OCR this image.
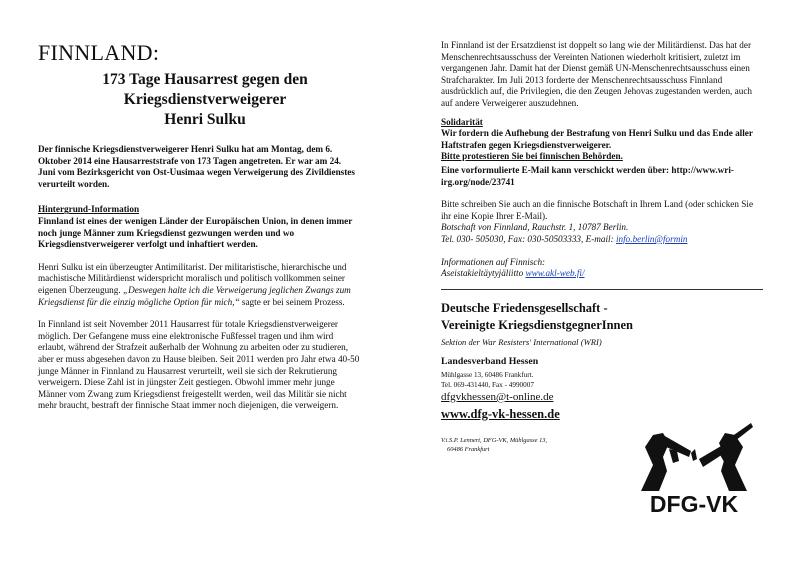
FINNLAND:
173 Tage Hausarrest gegen den
Kriegsdienstverweigerer
Henri Sulku

Der finnische Kriegsdienstverweigerer Henri Sulku hat am Montag, dem 6. Oktober 2014 eine Hausarreststrafe von 173 Tagen angetreten. Er war am 24. Juni vom Bezirksgericht von Ost-Uusimaa wegen Verweigerung des Zivildienstes verurteilt worden.

Hintergrund-Information

Finnland ist eines der wenigen Länder der Europäischen Union, in denen immer noch junge Männer zum Kriegsdienst gezwungen werden und wo Kriegsdienstverweigerer verfolgt und inhaftiert werden.

Henri Sulku ist ein überzeugter Antimilitarist. Der militaristische, hierarchische und machistische Militärdienst widerspricht moralisch und politisch vollkommen seiner eigenen Überzeugung. „Deswegen halte ich die Verweigerung jeglichen Zwangs zum Kriegsdienst für die einzig mögliche Option für mich,“ sagte er bei seinem Prozess.

In Finnland ist seit November 2011 Hausarrest für totale Kriegsdienstverweigerer möglich. Der Gefangene muss eine elektronische Fußfessel tragen und ihm wird erlaubt, während der Strafzeit außerhalb der Wohnung zu arbeiten oder zu studieren, aber er muss abgesehen davon zu Hause bleiben. Seit 2011 werden pro Jahr etwa 40-50 junge Männer in Finnland zu Hausarrest verurteilt, weil sie sich der Rekrutierung verweigern. Diese Zahl ist in jüngster Zeit gestiegen. Obwohl immer mehr junge Männer vom Zwang zum Kriegsdienst freigestellt werden, weil das Militär sie nicht mehr braucht, bestraft der finnische Staat immer noch diejenigen, die verweigern.

In Finnland ist der Ersatzdienst ist doppelt so lang wie der Militärdienst. Das hat der Menschenrechtsausschuss der Vereinten Nationen wiederholt kritisiert, zuletzt im vergangenen Jahr. Damit hat der Dienst gemäß UN-Menschenrechtsausschuss einen Strafcharakter. Im Juli 2013 forderte der Menschenrechtsausschuss Finnland ausdrücklich auf, die Privilegien, die den Zeugen Jehovas zugestanden werden, auch auf andere Verweigerer auszudehnen.

Solidarität

Wir fordern die Aufhebung der Bestrafung von Henri Sulku und das Ende aller Haftstrafen gegen Kriegsdienstverweigerer.

Bitte protestieren Sie bei finnischen Behörden.

Eine vorformulierte E-Mail kann verschickt werden über: http://www.wri-irg.org/node/23741

Bitte schreiben Sie auch an die finnische Botschaft in Ihrem Land (oder schicken Sie ihr eine Kopie Ihrer E-Mail).

Botschaft von Finnland, Rauchstr. 1, 10787 Berlin.

Tel. 030- 505030, Fax: 030-50503333, E-mail: info.berlin@formin

Informationen auf Finnisch:

Aseistakieltäytyjäliitto www.akl-web.fi/

Deutsche Friedensgesellschaft -
Vereinigte KriegsdienstgegnerInnen
Sektion der War Resisters' International (WRI)
Landesverband Hessen
Mühlgasse 13, 60486 Frankfurt.
Tel. 069-431440, Fax - 4990007
dfgvkhessen@t-online.de
www.dfg-vk-hessen.de
V.i.S.P. Lennert, DFG-VK, Mühlgasse 13,
60486 Frankfurt
DFG-VK
